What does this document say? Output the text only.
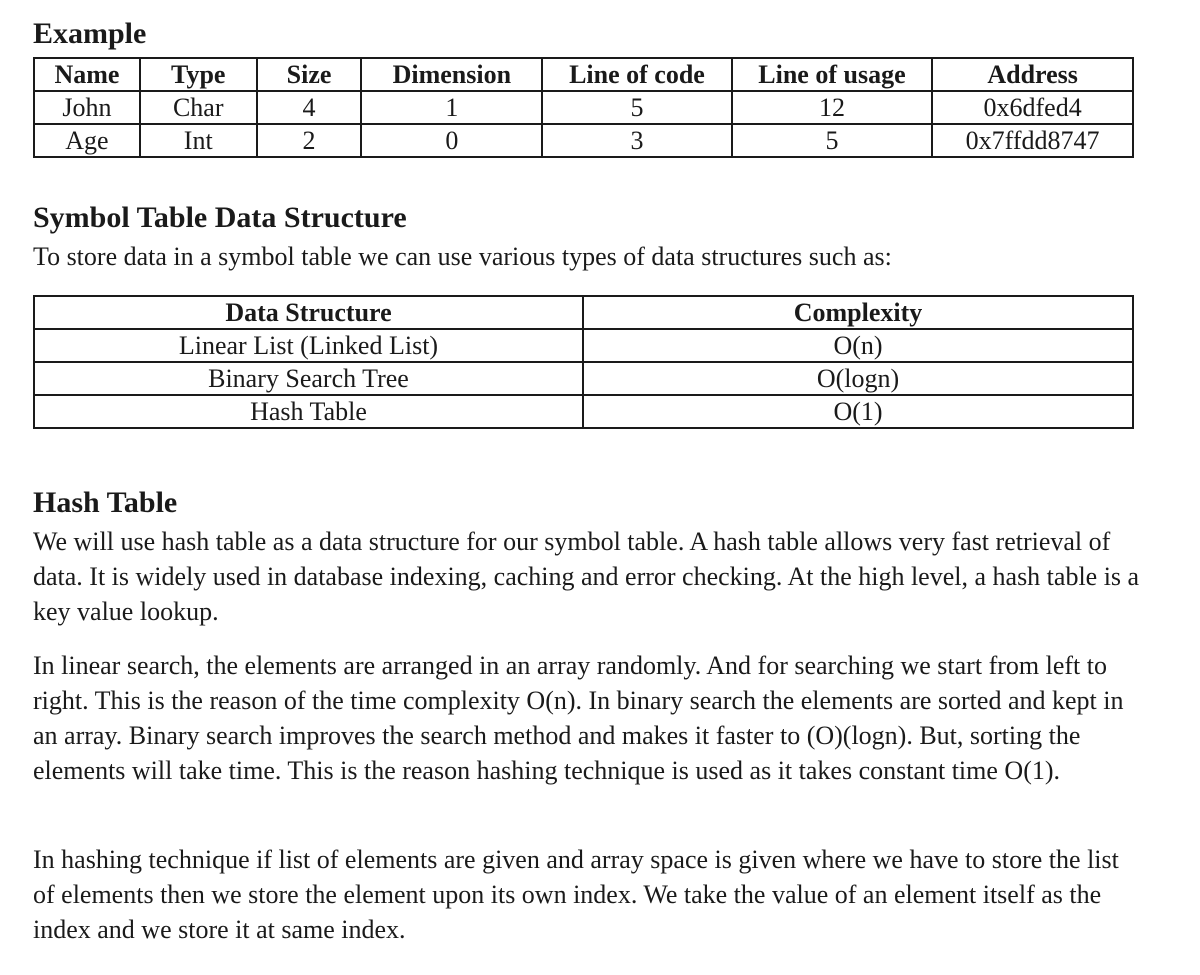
Example
Name	Type	Size	Dimension	Line of code	Line of usage	Address
John	Char	4	1	5	12	0x6dfed4
Age	Int	2	0	3	5	0x7ffdd8747
Symbol Table Data Structure

To store data in a symbol table we can use various types of data structures such as:

Data Structure	Complexity
Linear List (Linked List)	O(n)
Binary Search Tree	O(logn)
Hash Table	O(1)
Hash Table

We will use hash table as a data structure for our symbol table. A hash table allows very fast retrieval of data. It is widely used in database indexing, caching and error checking. At the high level, a hash table is a key value lookup.

In linear search, the elements are arranged in an array randomly. And for searching we start from left to right. This is the reason of the time complexity O(n). In binary search the elements are sorted and kept in an array. Binary search improves the search method and makes it faster to (O)(logn). But, sorting the elements will take time. This is the reason hashing technique is used as it takes constant time O(1).

In hashing technique if list of elements are given and array space is given where we have to store the list of elements then we store the element upon its own index. We take the value of an element itself as the index and we store it at same index.
